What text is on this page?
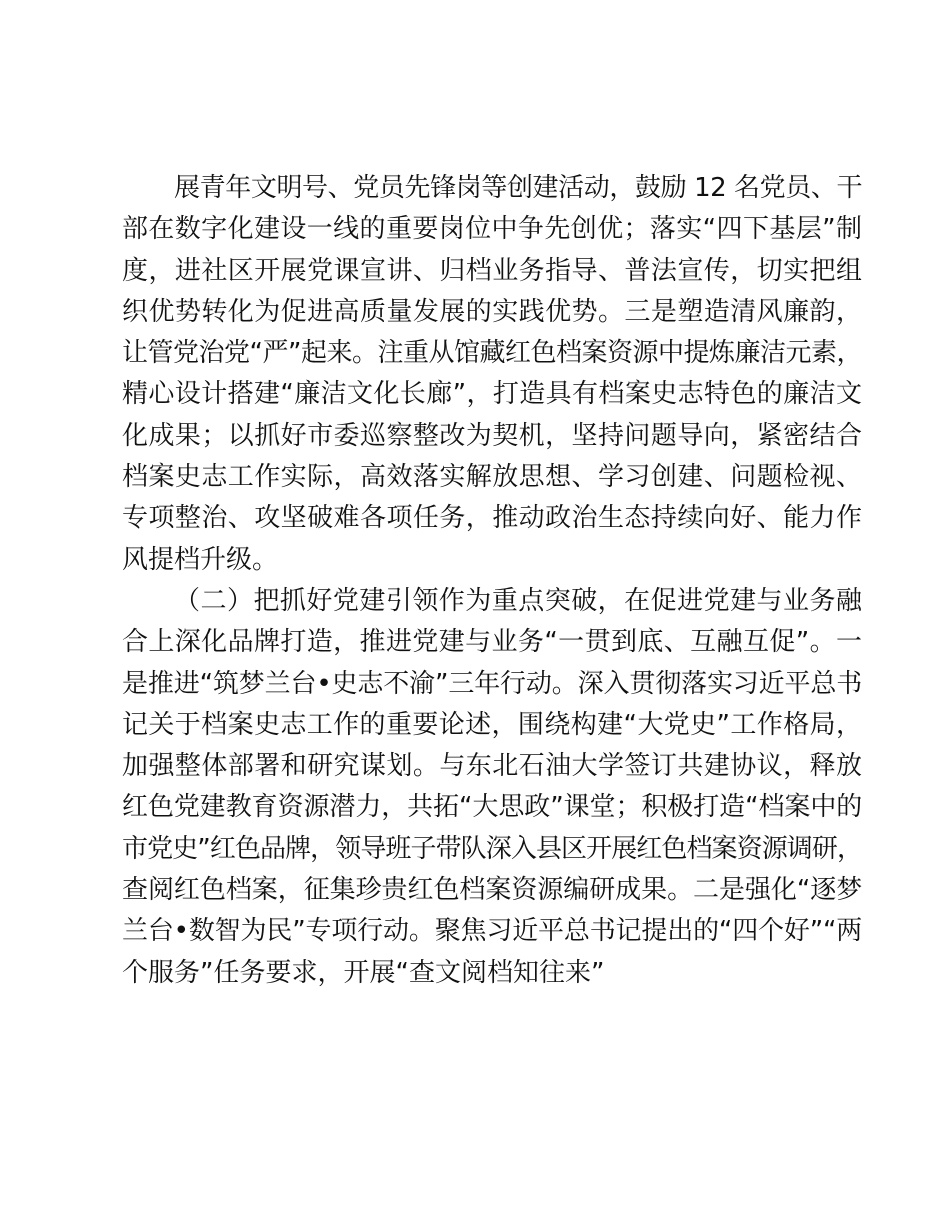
展青年文明号、党员先锋岗等创建活动，鼓励 12 名党员、干
部在数字化建设一线的重要岗位中争先创优；落实“四下基层”制
度，进社区开展党课宣讲、归档业务指导、普法宣传，切实把组
织优势转化为促进高质量发展的实践优势。三是塑造清风廉韵，
让管党治党“严”起来。注重从馆藏红色档案资源中提炼廉洁元素，
精心设计搭建“廉洁文化长廊”，打造具有档案史志特色的廉洁文
化成果；以抓好市委巡察整改为契机，坚持问题导向，紧密结合
档案史志工作实际，高效落实解放思想、学习创建、问题检视、
专项整治、攻坚破难各项任务，推动政治生态持续向好、能力作
风提档升级。
（二）把抓好党建引领作为重点突破，在促进党建与业务融
合上深化品牌打造，推进党建与业务“一贯到底、互融互促”。一
是推进“筑梦兰台•史志不渝”三年行动。深入贯彻落实习近平总书
记关于档案史志工作的重要论述，围绕构建“大党史”工作格局，
加强整体部署和研究谋划。与东北石油大学签订共建协议，释放
红色党建教育资源潜力，共拓“大思政”课堂；积极打造“档案中的
市党史”红色品牌，领导班子带队深入县区开展红色档案资源调研，
查阅红色档案，征集珍贵红色档案资源编研成果。二是强化“逐梦
兰台•数智为民”专项行动。聚焦习近平总书记提出的“四个好”“两
个服务”任务要求，开展“查文阅档知往来”
